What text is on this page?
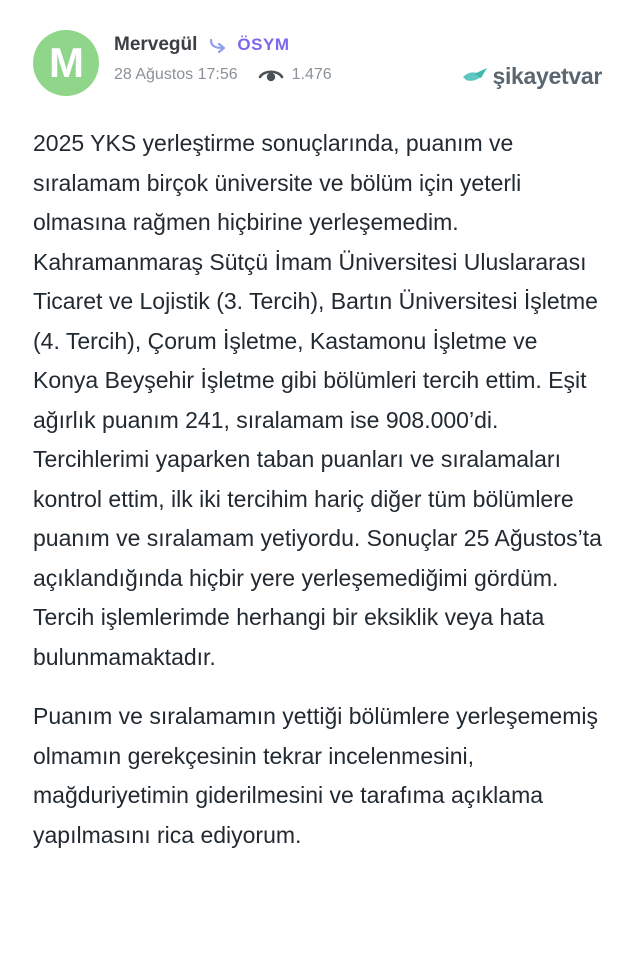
M	Mervegül ÖSYM
28 Ağustos 17:56	1.476	şikayetvar

2025 YKS yerleştirme sonuçlarında, puanım ve sıralamam birçok üniversite ve bölüm için yeterli olmasına rağmen hiçbirine yerleşemedim. Kahramanmaraş Sütçü İmam Üniversitesi Uluslararası Ticaret ve Lojistik (3. Tercih), Bartın Üniversitesi İşletme (4. Tercih), Çorum İşletme, Kastamonu İşletme ve Konya Beyşehir İşletme gibi bölümleri tercih ettim. Eşit ağırlık puanım 241, sıralamam ise 908.000’di. Tercihlerimi yaparken taban puanları ve sıralamaları kontrol ettim, ilk iki tercihim hariç diğer tüm bölümlere puanım ve sıralamam yetiyordu. Sonuçlar 25 Ağustos’ta açıklandığında hiçbir yere yerleşemediğimi gördüm. Tercih işlemlerimde herhangi bir eksiklik veya hata bulunmamaktadır.

Puanım ve sıralamamın yettiği bölümlere yerleşememiş olmamın gerekçesinin tekrar incelenmesini, mağduriyetimin giderilmesini ve tarafıma açıklama yapılmasını rica ediyorum.
